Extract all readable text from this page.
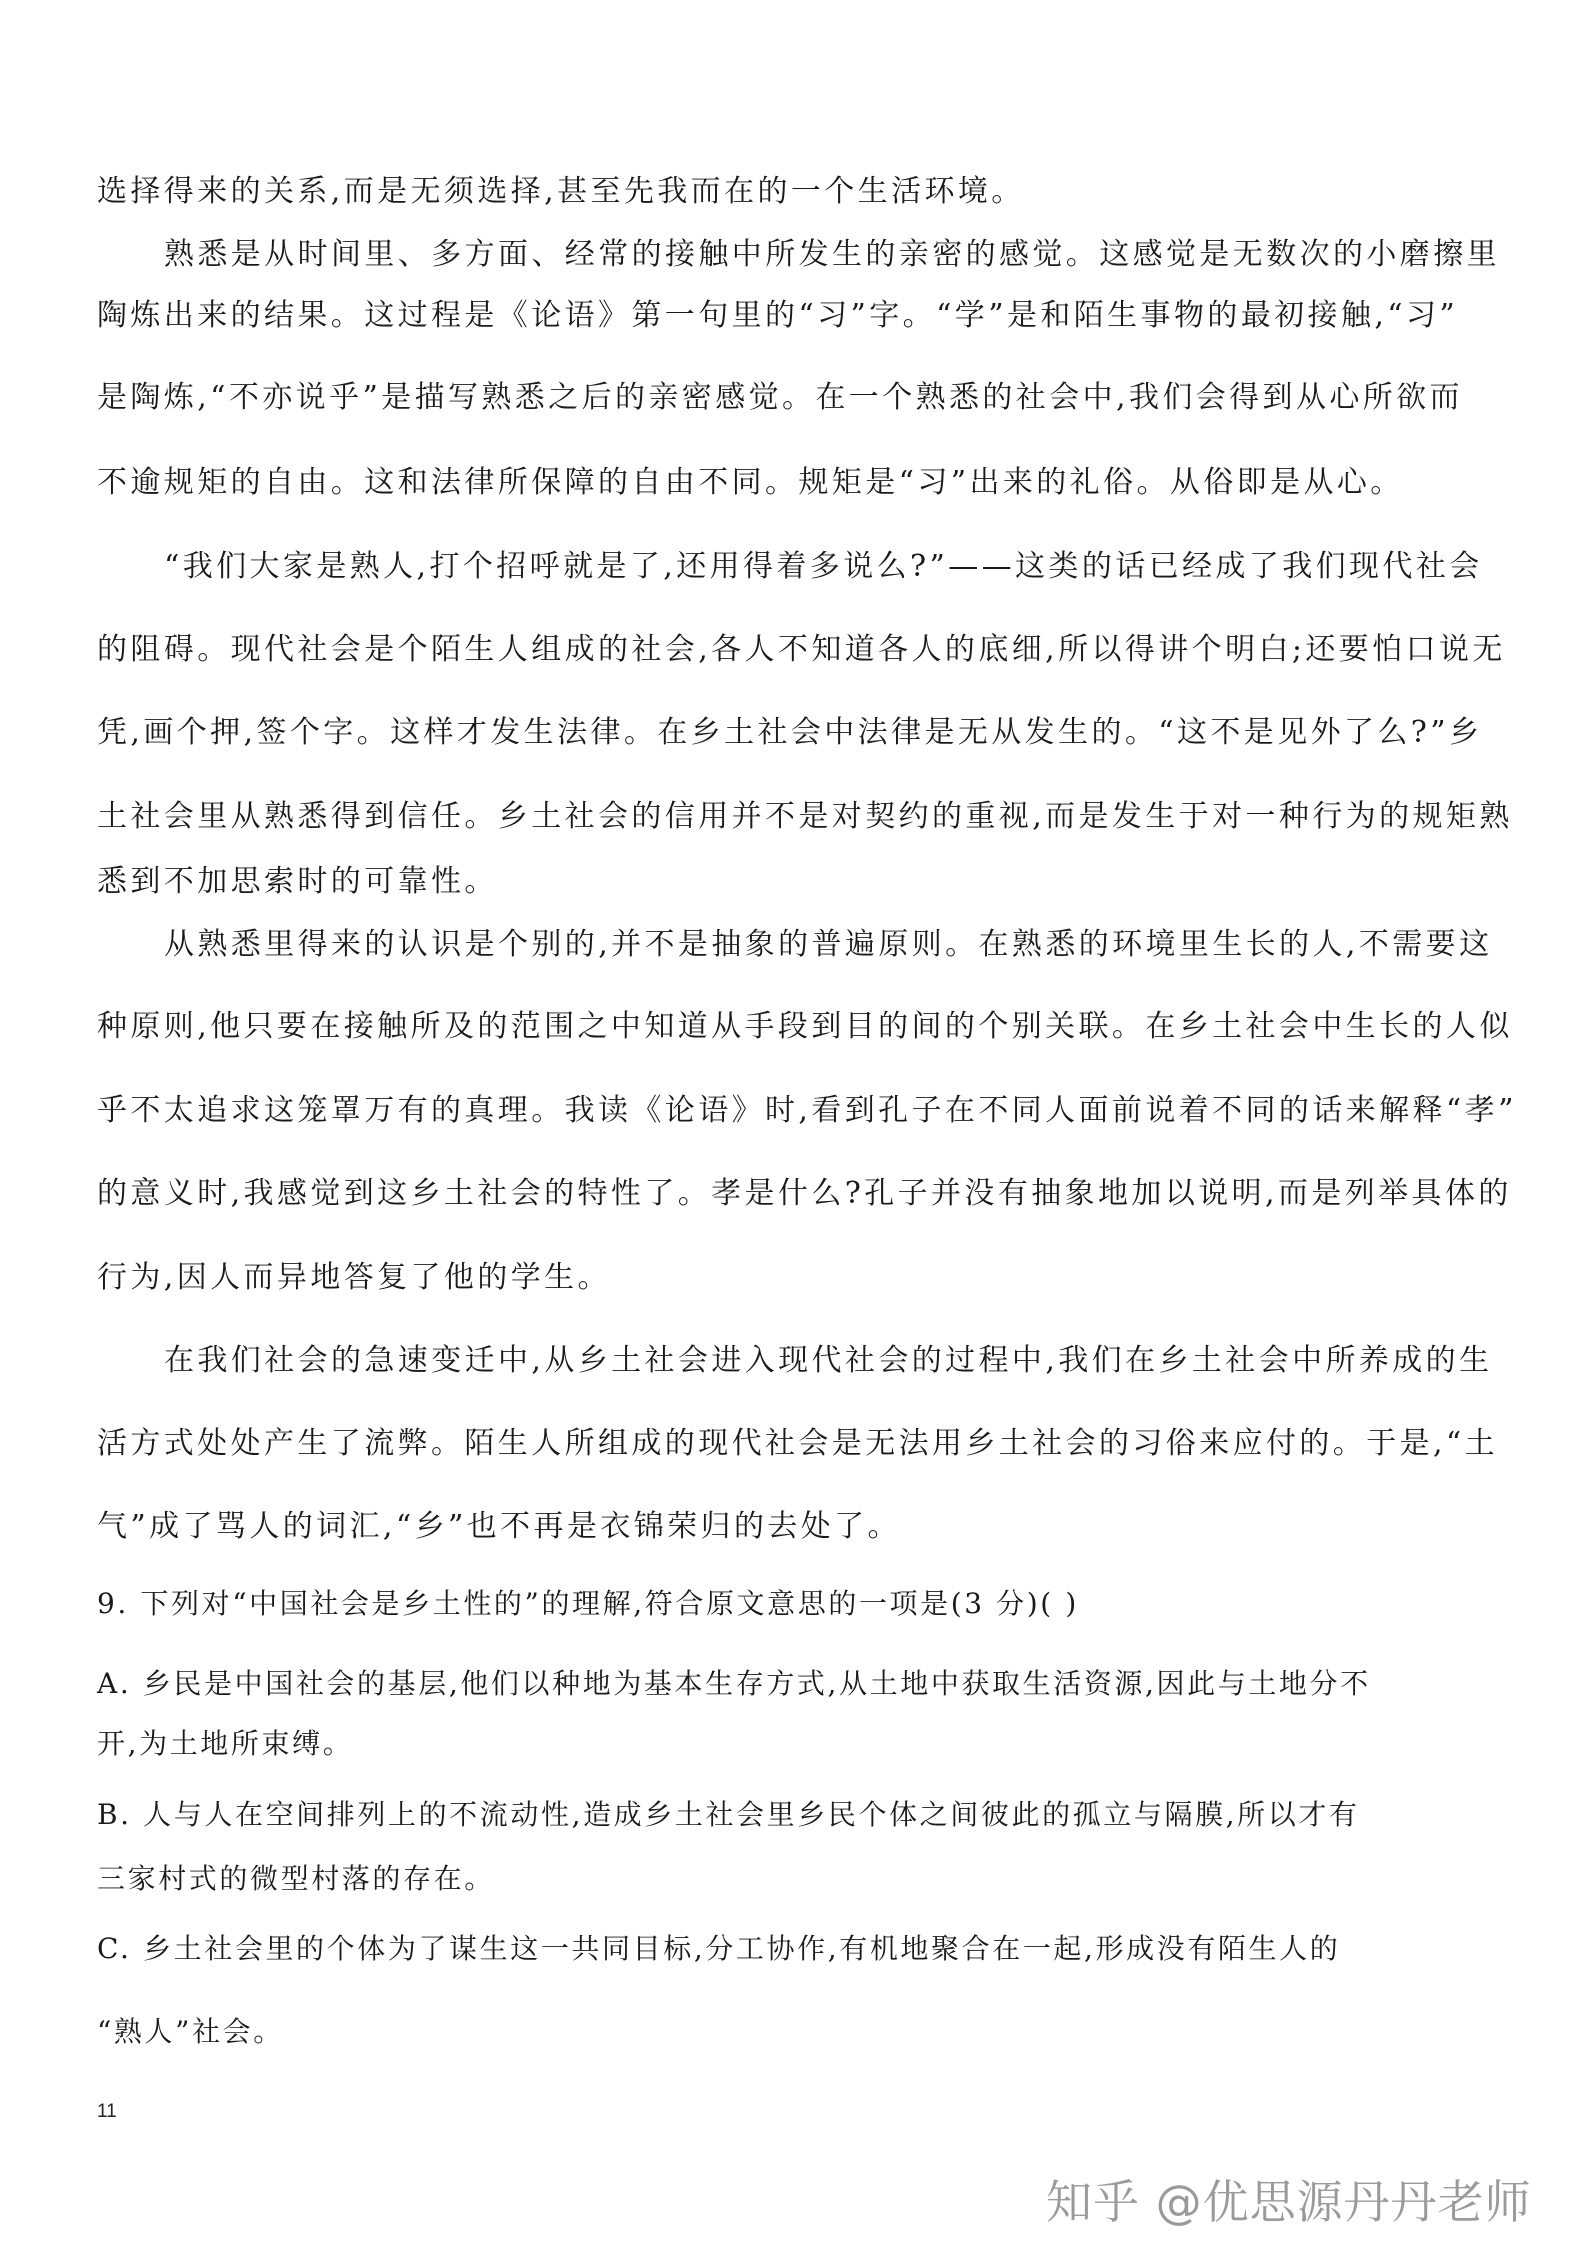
选择得来的关系,而是无须选择,甚至先我而在的一个生活环境。
熟悉是从时间里、多方面、经常的接触中所发生的亲密的感觉。这感觉是无数次的小磨擦里
陶炼出来的结果。这过程是《论语》第一句里的“习”字。“学”是和陌生事物的最初接触,“习”
是陶炼,“不亦说乎”是描写熟悉之后的亲密感觉。在一个熟悉的社会中,我们会得到从心所欲而
不逾规矩的自由。这和法律所保障的自由不同。规矩是“习”出来的礼俗。从俗即是从心。
“我们大家是熟人,打个招呼就是了,还用得着多说么?”——这类的话已经成了我们现代社会
的阻碍。现代社会是个陌生人组成的社会,各人不知道各人的底细,所以得讲个明白;还要怕口说无
凭,画个押,签个字。这样才发生法律。在乡土社会中法律是无从发生的。“这不是见外了么?”乡
土社会里从熟悉得到信任。乡土社会的信用并不是对契约的重视,而是发生于对一种行为的规矩熟
悉到不加思索时的可靠性。
从熟悉里得来的认识是个别的,并不是抽象的普遍原则。在熟悉的环境里生长的人,不需要这
种原则,他只要在接触所及的范围之中知道从手段到目的间的个别关联。在乡土社会中生长的人似
乎不太追求这笼罩万有的真理。我读《论语》时,看到孔子在不同人面前说着不同的话来解释“孝”
的意义时,我感觉到这乡土社会的特性了。孝是什么?孔子并没有抽象地加以说明,而是列举具体的
行为,因人而异地答复了他的学生。
在我们社会的急速变迁中,从乡土社会进入现代社会的过程中,我们在乡土社会中所养成的生
活方式处处产生了流弊。陌生人所组成的现代社会是无法用乡土社会的习俗来应付的。于是,“土
气”成了骂人的词汇,“乡”也不再是衣锦荣归的去处了。
9. 下列对“中国社会是乡土性的”的理解,符合原文意思的一项是(3 分)( )
A. 乡民是中国社会的基层,他们以种地为基本生存方式,从土地中获取生活资源,因此与土地分不
开,为土地所束缚。
B. 人与人在空间排列上的不流动性,造成乡土社会里乡民个体之间彼此的孤立与隔膜,所以才有
三家村式的微型村落的存在。
C. 乡土社会里的个体为了谋生这一共同目标,分工协作,有机地聚合在一起,形成没有陌生人的
“熟人”社会。
11
知乎 @优思源丹丹老师
